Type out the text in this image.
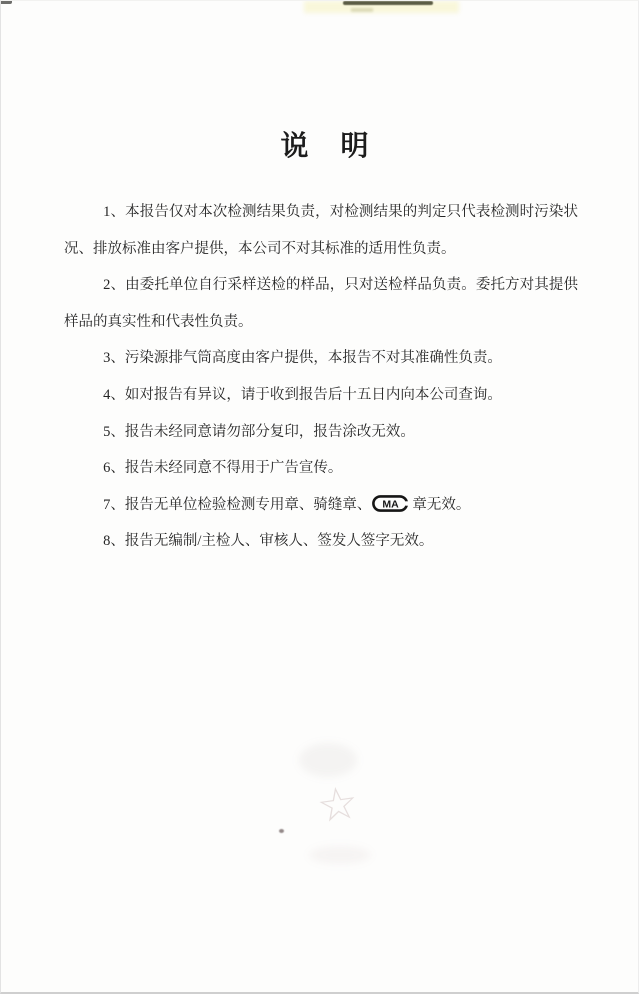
说　明

1、本报告仅对本次检测结果负责，对检测结果的判定只代表检测时污染状况、排放标准由客户提供，本公司不对其标准的适用性负责。

2、由委托单位自行采样送检的样品，只对送检样品负责。委托方对其提供样品的真实性和代表性负责。

3、污染源排气筒高度由客户提供，本报告不对其准确性负责。

4、如对报告有异议，请于收到报告后十五日内向本公司查询。

5、报告未经同意请勿部分复印，报告涂改无效。

6、报告未经同意不得用于广告宣传。

7、报告无单位检验检测专用章、骑缝章、 MA 章无效。

8、报告无编制/主检人、审核人、签发人签字无效。

☆
